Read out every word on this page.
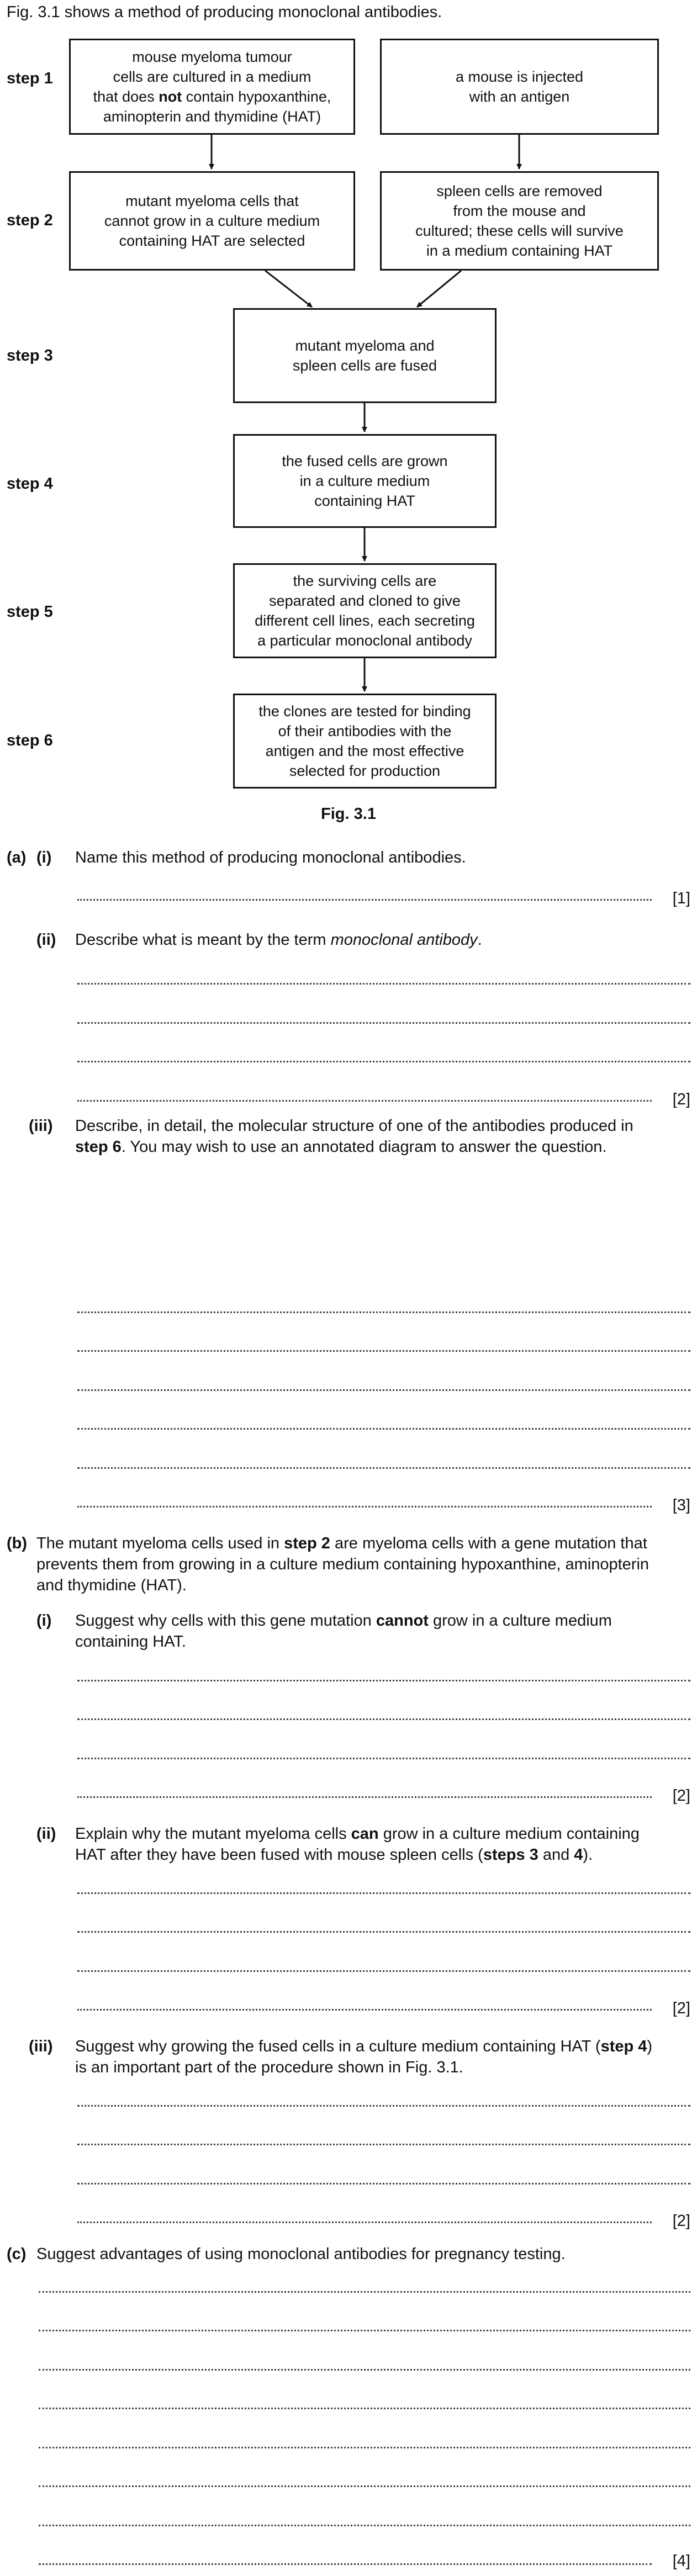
Fig. 3.1 shows a method of producing monoclonal antibodies.
step 1
step 2
step 3
step 4
step 5
step 6
mouse myeloma tumour
cells are cultured in a medium
that does not contain hypoxanthine,
aminopterin and thymidine (HAT)
a mouse is injected
with an antigen
mutant myeloma cells that
cannot grow in a culture medium
containing HAT are selected
spleen cells are removed
from the mouse and
cultured; these cells will survive
in a medium containing HAT
mutant myeloma and
spleen cells are fused
the fused cells are grown
in a culture medium
containing HAT
the surviving cells are
separated and cloned to give
different cell lines, each secreting
a particular monoclonal antibody
the clones are tested for binding
of their antibodies with the
antigen and the most effective
selected for production
Fig. 3.1
(a) (i) Name this method of producing monoclonal antibodies.
[1]
(ii) Describe what is meant by the term monoclonal antibody.
[2]
(iii) Describe, in detail, the molecular structure of one of the antibodies produced in
step 6. You may wish to use an annotated diagram to answer the question.
[3]
(b) The mutant myeloma cells used in step 2 are myeloma cells with a gene mutation that
prevents them from growing in a culture medium containing hypoxanthine, aminopterin
and thymidine (HAT).
(i) Suggest why cells with this gene mutation cannot grow in a culture medium
containing HAT.
[2]
(ii) Explain why the mutant myeloma cells can grow in a culture medium containing
HAT after they have been fused with mouse spleen cells (steps 3 and 4).
[2]
(iii) Suggest why growing the fused cells in a culture medium containing HAT (step 4)
is an important part of the procedure shown in Fig. 3.1.
[2]
(c) Suggest advantages of using monoclonal antibodies for pregnancy testing.
[4]
